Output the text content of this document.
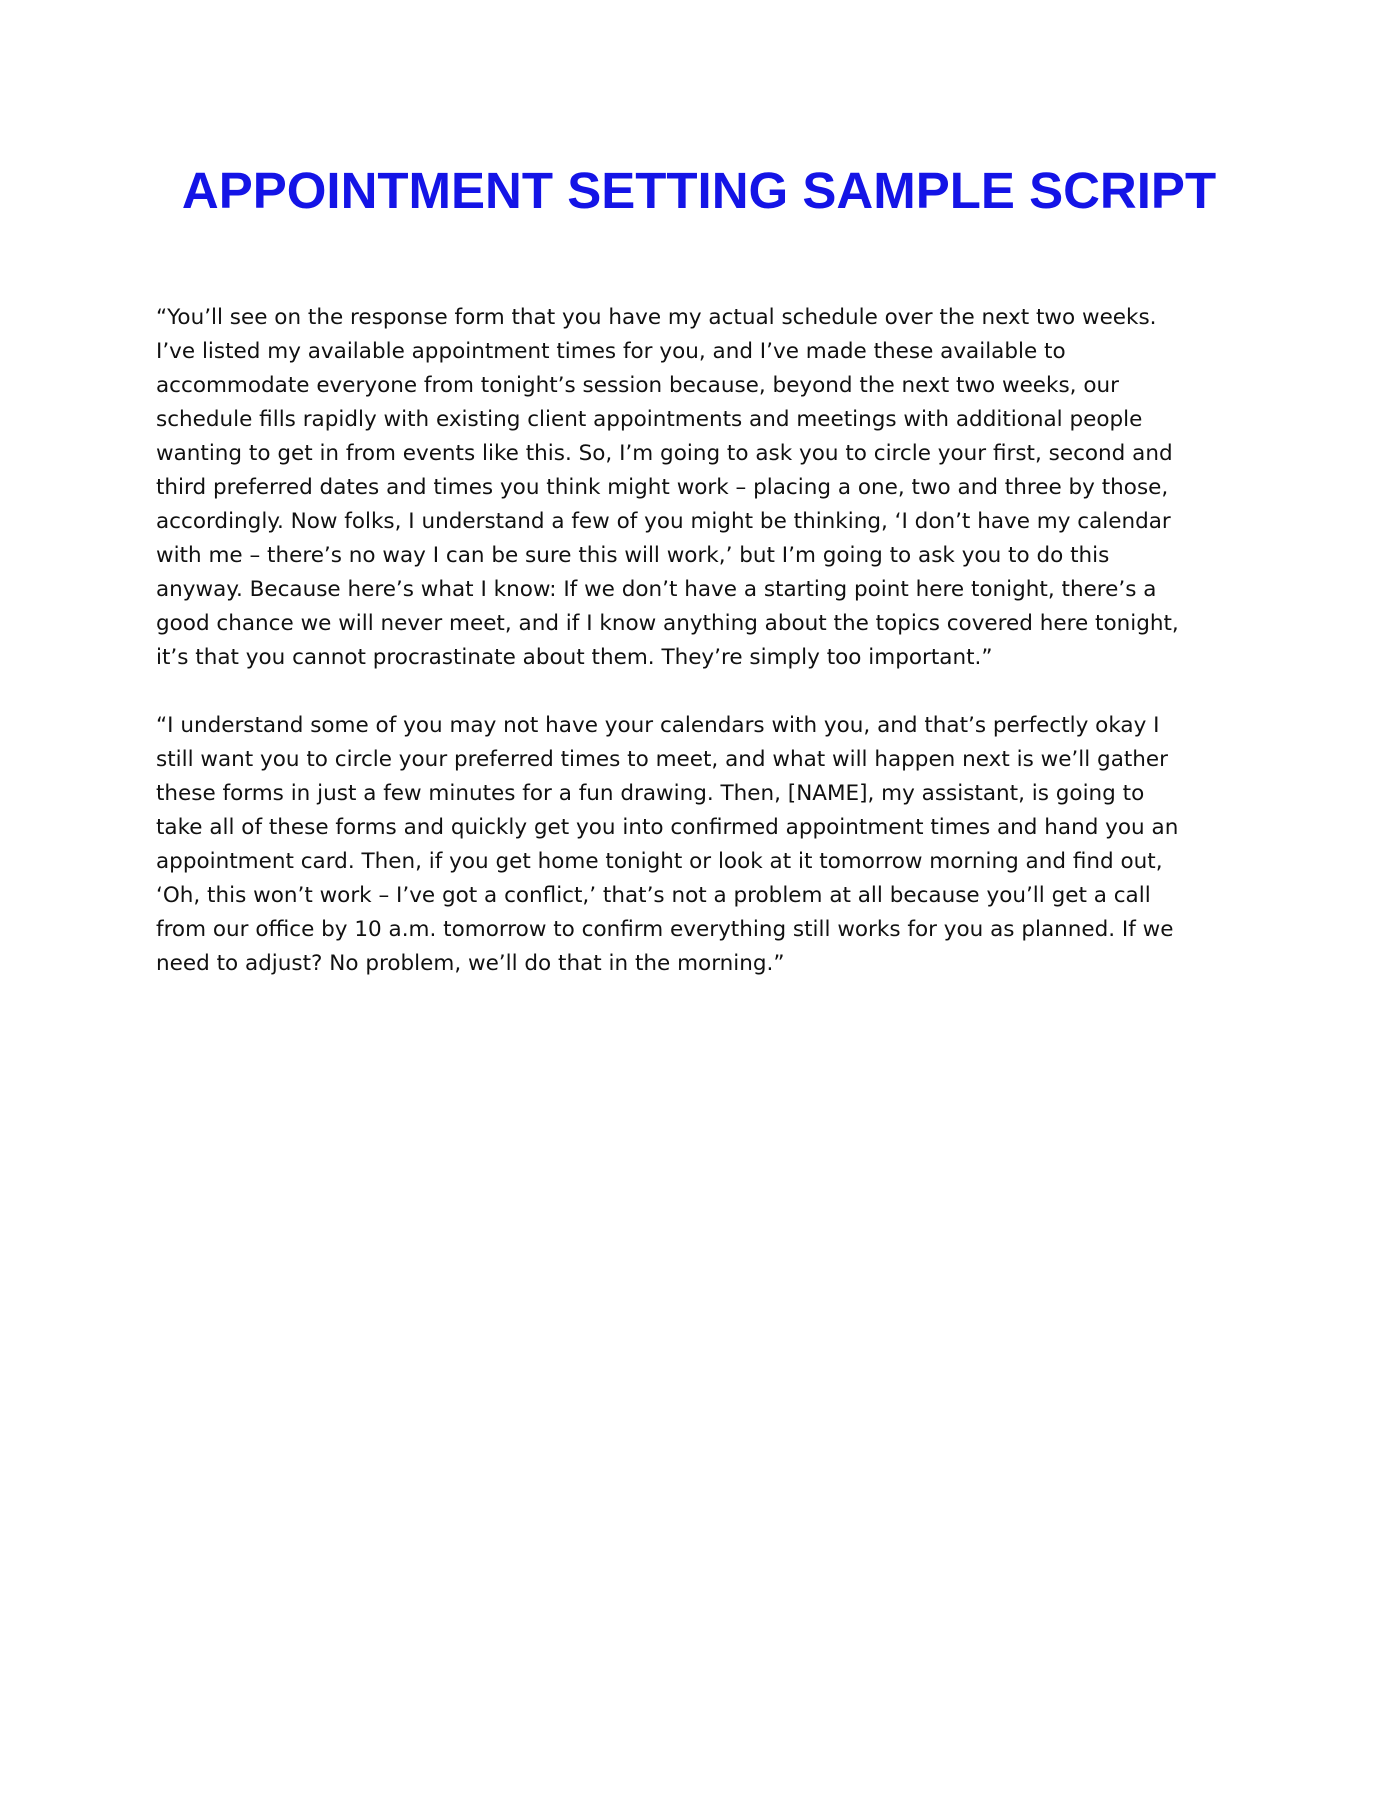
APPOINTMENT SETTING SAMPLE SCRIPT

“You’ll see on the response form that you have my actual schedule over the next two weeks.
I’ve listed my available appointment times for you, and I’ve made these available to
accommodate everyone from tonight’s session because, beyond the next two weeks, our
schedule fills rapidly with existing client appointments and meetings with additional people
wanting to get in from events like this. So, I’m going to ask you to circle your first, second and
third preferred dates and times you think might work – placing a one, two and three by those,
accordingly. Now folks, I understand a few of you might be thinking, ‘I don’t have my calendar
with me – there’s no way I can be sure this will work,’ but I’m going to ask you to do this
anyway. Because here’s what I know: If we don’t have a starting point here tonight, there’s a
good chance we will never meet, and if I know anything about the topics covered here tonight,
it’s that you cannot procrastinate about them. They’re simply too important.”

“I understand some of you may not have your calendars with you, and that’s perfectly okay I
still want you to circle your preferred times to meet, and what will happen next is we’ll gather
these forms in just a few minutes for a fun drawing. Then, [NAME], my assistant, is going to
take all of these forms and quickly get you into confirmed appointment times and hand you an
appointment card. Then, if you get home tonight or look at it tomorrow morning and find out,
‘Oh, this won’t work – I’ve got a conflict,’ that’s not a problem at all because you’ll get a call
from our office by 10 a.m. tomorrow to confirm everything still works for you as planned. If we
need to adjust? No problem, we’ll do that in the morning.”
